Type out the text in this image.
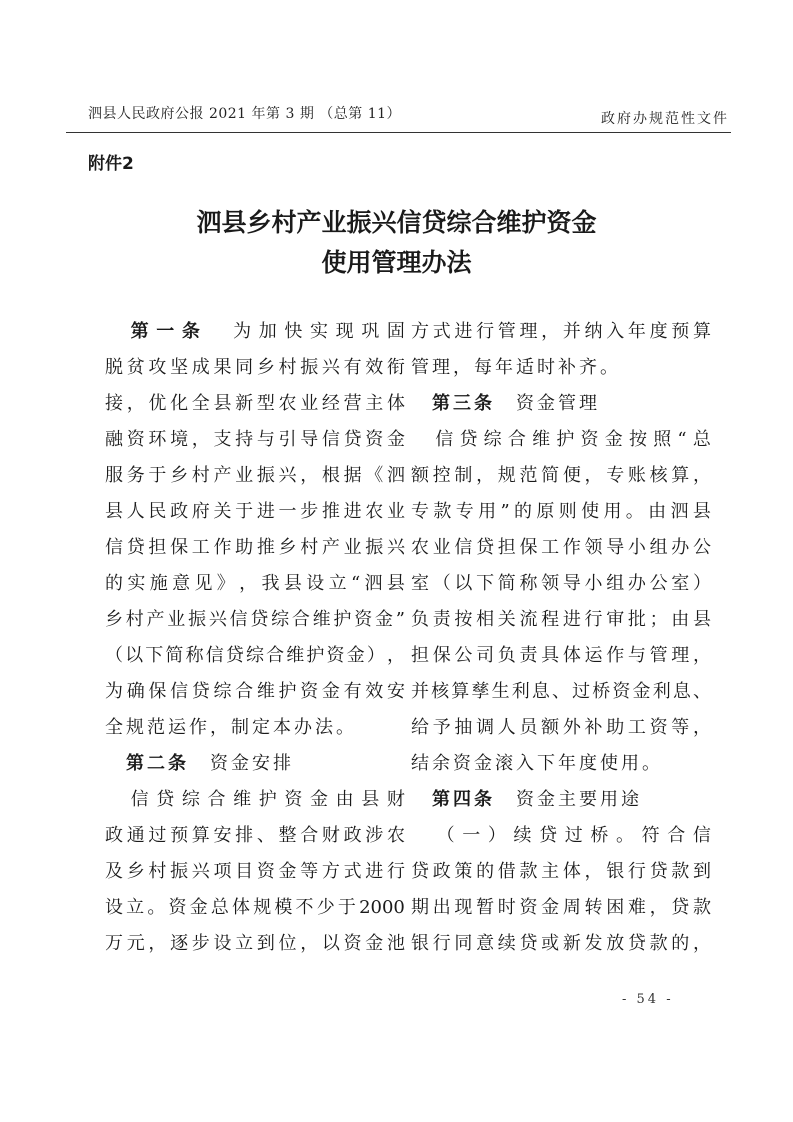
泗县人民政府公报 2021 年第 3 期 （总第 11）	政府办规范性文件
附件2
泗县乡村产业振兴信贷综合维护资金
使用管理办法

第 一 条
　 为 加 快 实 现 巩 固
脱 贫 攻 坚 成 果 同 乡 村 振 兴 有 效 衔
接 ， 优 化 全 县 新 型 农 业 经 营 主 体
融 资 环 境 ， 支 持 与 引 导 信 贷 资 金
服 务 于 乡 村 产 业 振 兴 ， 根 据 《 泗
县 人 民 政 府 关 于 进 一 步 推 进 农 业
信 贷 担 保 工 作 助 推 乡 村 产 业 振 兴
的 实 施 意 见 》 ， 我 县 设 立 “ 泗 县
乡 村 产 业 振 兴 信 贷 综 合 维 护 资 金 ”
（ 以 下 简 称 信 贷 综 合 维 护 资 金 ） ，
为 确 保 信 贷 综 合 维 护 资 金 有 效 安
全 规 范 运 作 ， 制 定 本 办 法 。

第 二 条
　 资 金 安 排

信 贷 综 合 维 护 资 金 由 县 财
政 通 过 预 算 安 排 、 整 合 财 政 涉 农
及 乡 村 振 兴 项 目 资 金 等 方 式 进 行
设 立 。 资 金 总 体 规 模 不 少 于 2000
万 元 ， 逐 步 设 立 到 位 ， 以 资 金 池
方 式 进 行 管 理 ， 并 纳 入 年 度 预 算
管 理 ， 每 年 适 时 补 齐 。

第 三 条
　 资 金 管 理

信 贷 综 合 维 护 资 金 按 照 “ 总
额 控 制 ， 规 范 简 便 ， 专 账 核 算 ，
专 款 专 用 ” 的 原 则 使 用 。 由 泗 县
农 业 信 贷 担 保 工 作 领 导 小 组 办 公
室 （ 以 下 简 称 领 导 小 组 办 公 室 ）
负 责 按 相 关 流 程 进 行 审 批 ； 由 县
担 保 公 司 负 责 具 体 运 作 与 管 理 ，
并 核 算 孳 生 利 息 、 过 桥 资 金 利 息 、
给 予 抽 调 人 员 额 外 补 助 工 资 等 ，
结 余 资 金 滚 入 下 年 度 使 用 。

第 四 条
　 资 金 主 要 用 途

（ 一 ） 续 贷 过 桥 。 符 合 信
贷 政 策 的 借 款 主 体 ， 银 行 贷 款 到
期 出 现 暂 时 资 金 周 转 困 难 ， 贷 款
银 行 同 意 续 贷 或 新 发 放 贷 款 的 ，
- 54 -
